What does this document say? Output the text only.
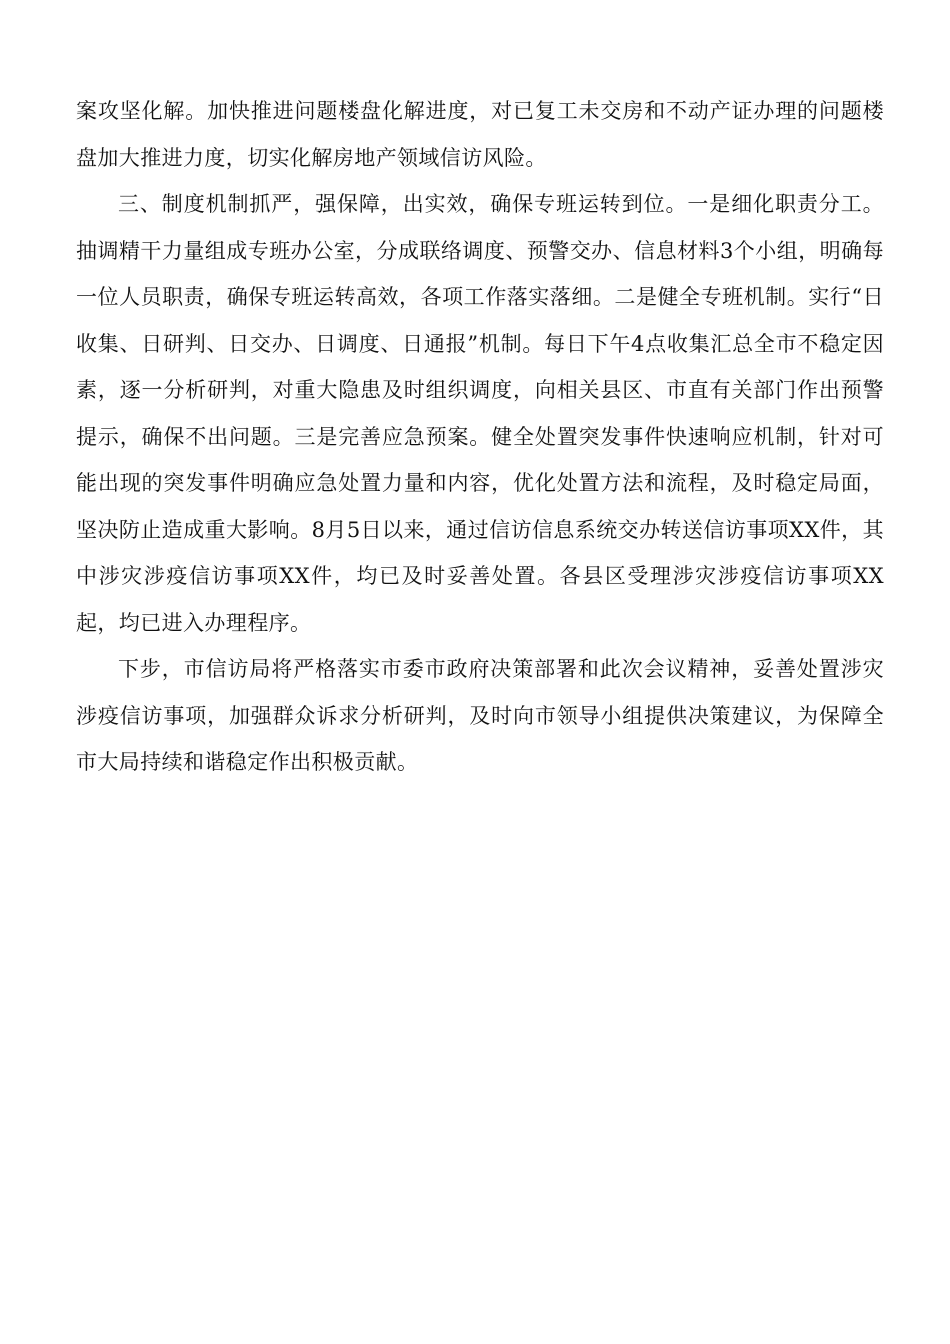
案攻坚化解。加快推进问题楼盘化解进度，对已复工未交房和不动产证办理的问题楼盘加大推进力度，切实化解房地产领域信访风险。

三、制度机制抓严，强保障，出实效，确保专班运转到位。一是细化职责分工。抽调精干力量组成专班办公室，分成联络调度、预警交办、信息材料3个小组，明确每一位人员职责，确保专班运转高效，各项工作落实落细。二是健全专班机制。实行“日收集、日研判、日交办、日调度、日通报”机制。每日下午4点收集汇总全市不稳定因素，逐一分析研判，对重大隐患及时组织调度，向相关县区、市直有关部门作出预警提示，确保不出问题。三是完善应急预案。健全处置突发事件快速响应机制，针对可能出现的突发事件明确应急处置力量和内容，优化处置方法和流程，及时稳定局面，坚决防止造成重大影响。8月5日以来，通过信访信息系统交办转送信访事项XX件，其中涉灾涉疫信访事项XX件，均已及时妥善处置。各县区受理涉灾涉疫信访事项XX起，均已进入办理程序。

下步，市信访局将严格落实市委市政府决策部署和此次会议精神，妥善处置涉灾涉疫信访事项，加强群众诉求分析研判，及时向市领导小组提供决策建议，为保障全市大局持续和谐稳定作出积极贡献。
